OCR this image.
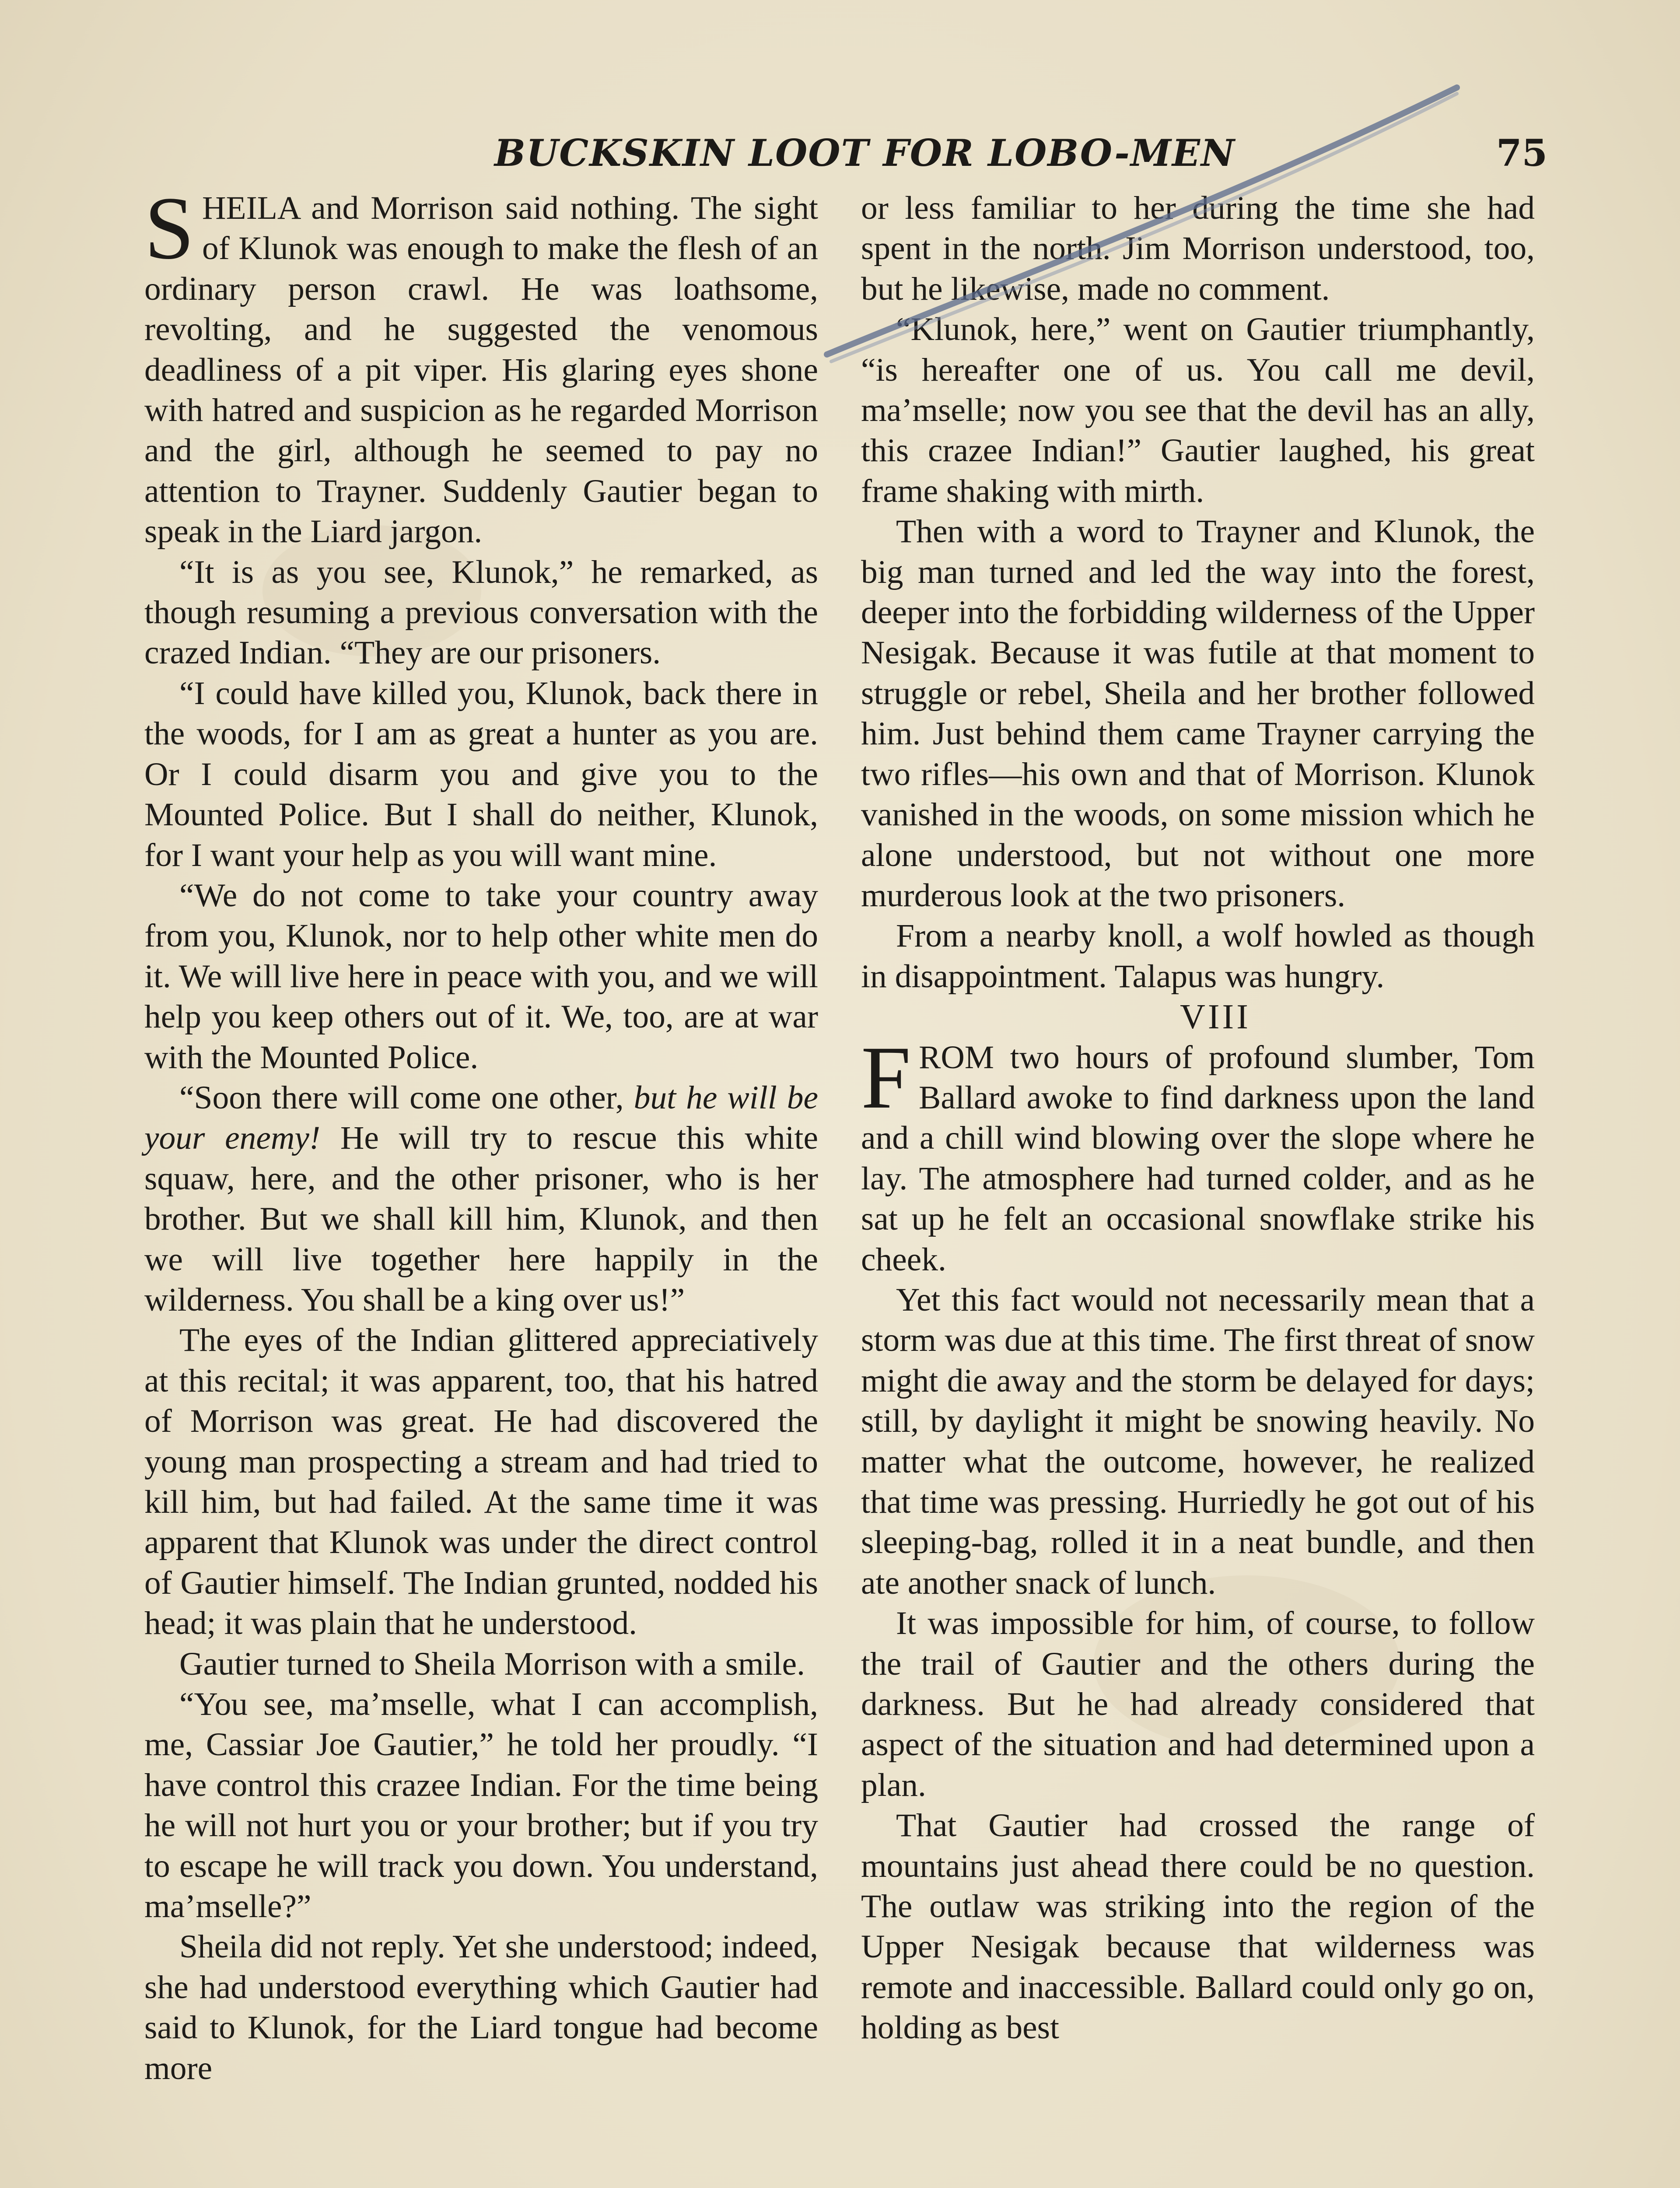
BUCKSKIN LOOT FOR LOBO-MEN	75

SHEILA and Morrison said nothing. The sight of Klunok was enough to make the flesh of an ordinary person crawl. He was loathsome, revolting, and he suggested the venomous deadliness of a pit viper. His glaring eyes shone with hatred and suspicion as he regarded Morrison and the girl, although he seemed to pay no attention to Trayner. Suddenly Gautier began to speak in the Liard jargon.

“It is as you see, Klunok,” he remarked, as though resuming a previous conversation with the crazed Indian. “They are our prisoners.

“I could have killed you, Klunok, back there in the woods, for I am as great a hunter as you are. Or I could disarm you and give you to the Mounted Police. But I shall do neither, Klunok, for I want your help as you will want mine.

“We do not come to take your country away from you, Klunok, nor to help other white men do it. We will live here in peace with you, and we will help you keep others out of it. We, too, are at war with the Mounted Police.

“Soon there will come one other, but he will be your enemy! He will try to rescue this white squaw, here, and the other prisoner, who is her brother. But we shall kill him, Klunok, and then we will live together here happily in the wilderness. You shall be a king over us!”

The eyes of the Indian glittered appreciatively at this recital; it was apparent, too, that his hatred of Morrison was great. He had discovered the young man prospecting a stream and had tried to kill him, but had failed. At the same time it was apparent that Klunok was under the direct control of Gautier himself. The Indian grunted, nodded his head; it was plain that he understood.

Gautier turned to Sheila Morrison with a smile.

“You see, ma’mselle, what I can accomplish, me, Cassiar Joe Gautier,” he told her proudly. “I have control this crazee Indian. For the time being he will not hurt you or your brother; but if you try to escape he will track you down. You understand, ma’mselle?”

Sheila did not reply. Yet she understood; indeed, she had understood everything which Gautier had said to Klunok, for the Liard tongue had become more

or less familiar to her during the time she had spent in the north. Jim Morrison understood, too, but he likewise, made no comment.

“Klunok, here,” went on Gautier triumphantly, “is hereafter one of us. You call me devil, ma’mselle; now you see that the devil has an ally, this crazee Indian!” Gautier laughed, his great frame shaking with mirth.

Then with a word to Trayner and Klunok, the big man turned and led the way into the forest, deeper into the forbidding wilderness of the Upper Nesigak. Because it was futile at that moment to struggle or rebel, Sheila and her brother followed him. Just behind them came Trayner carrying the two rifles—his own and that of Morrison. Klunok vanished in the woods, on some mission which he alone understood, but not without one more murderous look at the two prisoners.

From a nearby knoll, a wolf howled as though in disappointment. Talapus was hungry.

VIII

FROM two hours of profound slumber, Tom Ballard awoke to find darkness upon the land and a chill wind blowing over the slope where he lay. The atmosphere had turned colder, and as he sat up he felt an occasional snowflake strike his cheek.

Yet this fact would not necessarily mean that a storm was due at this time. The first threat of snow might die away and the storm be delayed for days; still, by daylight it might be snowing heavily. No matter what the outcome, however, he realized that time was pressing. Hurriedly he got out of his sleeping-bag, rolled it in a neat bundle, and then ate another snack of lunch.

It was impossible for him, of course, to follow the trail of Gautier and the others during the darkness. But he had already considered that aspect of the situation and had determined upon a plan.

That Gautier had crossed the range of mountains just ahead there could be no question. The outlaw was striking into the region of the Upper Nesigak because that wilderness was remote and inaccessible. Ballard could only go on, holding as best
